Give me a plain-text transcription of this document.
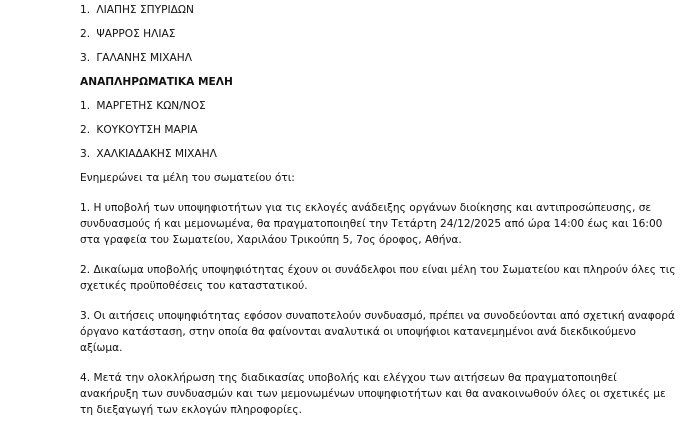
1. ΛΙΑΠΗΣ ΣΠΥΡΙΔΩΝ
2. ΨΑΡΡΟΣ ΗΛΙΑΣ
3. ΓΑΛΑΝΗΣ ΜΙΧΑΗΛ
ΑΝΑΠΛΗΡΩΜΑΤΙΚΑ ΜΕΛΗ
1. ΜΑΡΓΕΤΗΣ ΚΩΝ/ΝΟΣ
2. ΚΟΥΚΟΥΤΣΗ ΜΑΡΙΑ
3. ΧΑΛΚΙΑΔΑΚΗΣ ΜΙΧΑΗΛ
Ενημερώνει τα μέλη του σωματείου ότι:

1. Η υποβολή των υποψηφιοτήτων για τις εκλογές ανάδειξης οργάνων διοίκησης και αντιπροσώπευσης, σε συνδυασμούς ή και μεμονωμένα, θα πραγματοποιηθεί την Τετάρτη 24/12/2025 από ώρα 14:00 έως και 16:00 στα γραφεία του Σωματείου, Χαριλάου Τρικούπη 5, 7ος όροφος, Αθήνα.

2. Δικαίωμα υποβολής υποψηφιότητας έχουν οι συνάδελφοι που είναι μέλη του Σωματείου και πληρούν όλες τις σχετικές προϋποθέσεις του καταστατικού.

3. Οι αιτήσεις υποψηφιότητας εφόσον συναποτελούν συνδυασμό, πρέπει να συνοδεύονται από σχετική αναφορά όργανο κατάσταση, στην οποία θα φαίνονται αναλυτικά οι υποψήφιοι κατανεμημένοι ανά διεκδικούμενο αξίωμα.

4. Μετά την ολοκλήρωση της διαδικασίας υποβολής και ελέγχου των αιτήσεων θα πραγματοποιηθεί ανακήρυξη των συνδυασμών και των μεμονωμένων υποψηφιοτήτων και θα ανακοινωθούν όλες οι σχετικές με τη διεξαγωγή των εκλογών πληροφορίες.
